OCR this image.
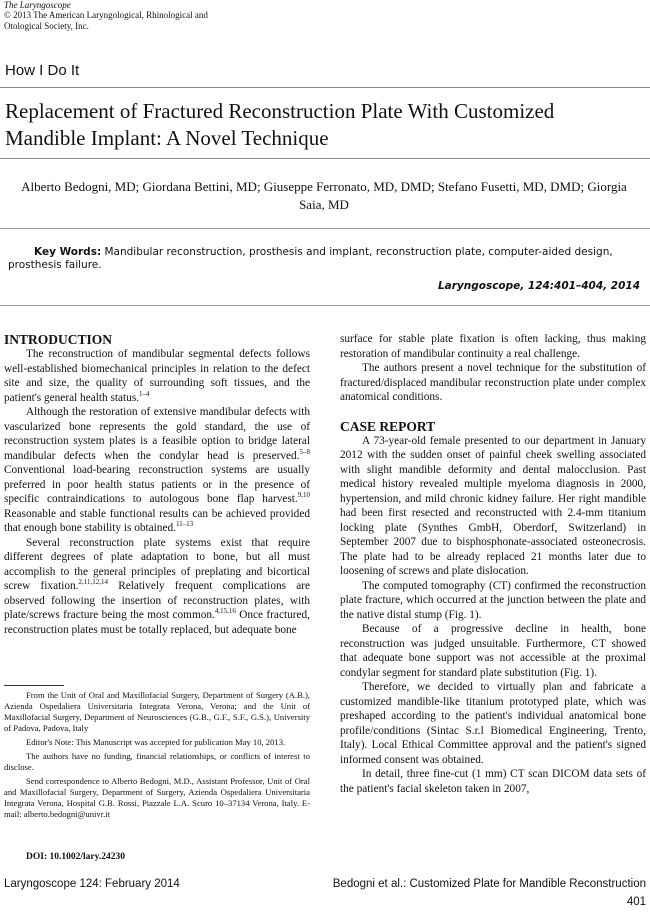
The Laryngoscope
© 2013 The American Laryngological, Rhinological and Otological Society, Inc.
How I Do It
Replacement of Fractured Reconstruction Plate With Customized Mandible Implant: A Novel Technique
Alberto Bedogni, MD; Giordana Bettini, MD; Giuseppe Ferronato, MD, DMD; Stefano Fusetti, MD, DMD; Giorgia Saia, MD
Key Words: Mandibular reconstruction, prosthesis and implant, reconstruction plate, computer-aided design, prosthesis failure.
Laryngoscope, 124:401–404, 2014
INTRODUCTION

The reconstruction of mandibular segmental defects follows well-established biomechanical principles in relation to the defect site and size, the quality of surrounding soft tissues, and the patient's general health status.$^{1-4}$

Although the restoration of extensive mandibular defects with vascularized bone represents the gold standard, the use of reconstruction system plates is a feasible option to bridge lateral mandibular defects when the condylar head is preserved.$^{5-8}$ Conventional load-bearing reconstruction systems are usually preferred in poor health status patients or in the presence of specific contraindications to autologous bone flap harvest.$^{9,10}$ Reasonable and stable functional results can be achieved provided that enough bone stability is obtained.$^{11-13}$

Several reconstruction plate systems exist that require different degrees of plate adaptation to bone, but all must accomplish to the general principles of preplating and bicortical screw fixation.$^{2,11,12,14}$ Relatively frequent complications are observed following the insertion of reconstruction plates, with plate/screws fracture being the most common.$^{4,15,16}$ Once fractured, reconstruction plates must be totally replaced, but adequate bone

From the Unit of Oral and Maxillofacial Surgery, Department of Surgery (A.B.), Azienda Ospedaliera Universitaria Integrata Verona, Verona; and the Unit of Maxillofacial Surgery, Department of Neurosciences (G.B., G.F., S.F., G.S.), University of Padova, Padova, Italy

Editor's Note: This Manuscript was accepted for publication May 10, 2013.

The authors have no funding, financial relationships, or conflicts of interest to disclose.

Send correspondence to Alberto Bedogni, M.D., Assistant Professor, Unit of Oral and Maxillofacial Surgery, Department of Surgery, Azienda Ospedaliera Universitaria Integrata Verona, Hospital G.B. Rossi, Piazzale L.A. Scuro 10–37134 Verona, Italy. E-mail: alberto.bedogni@univr.it

DOI: 10.1002/lary.24230

surface for stable plate fixation is often lacking, thus making restoration of mandibular continuity a real challenge.

The authors present a novel technique for the substitution of fractured/displaced mandibular reconstruction plate under complex anatomical conditions.

CASE REPORT

A 73-year-old female presented to our department in January 2012 with the sudden onset of painful cheek swelling associated with slight mandible deformity and dental malocclusion. Past medical history revealed multiple myeloma diagnosis in 2000, hypertension, and mild chronic kidney failure. Her right mandible had been first resected and reconstructed with 2.4-mm titanium locking plate (Synthes GmbH, Oberdorf, Switzerland) in September 2007 due to bisphosphonate-associated osteonecrosis. The plate had to be already replaced 21 months later due to loosening of screws and plate dislocation.

The computed tomography (CT) confirmed the reconstruction plate fracture, which occurred at the junction between the plate and the native distal stump (Fig. 1).

Because of a progressive decline in health, bone reconstruction was judged unsuitable. Furthermore, CT showed that adequate bone support was not accessible at the proximal condylar segment for standard plate substitution (Fig. 1).

Therefore, we decided to virtually plan and fabricate a customized mandible-like titanium prototyped plate, which was preshaped according to the patient's individual anatomical bone profile/conditions (Sintac S.r.l Biomedical Engineering, Trento, Italy). Local Ethical Committee approval and the patient's signed informed consent was obtained.

In detail, three fine-cut (1 mm) CT scan DICOM data sets of the patient's facial skeleton taken in 2007,

Laryngoscope 124: February 2014	Bedogni et al.: Customized Plate for Mandible Reconstruction
401
